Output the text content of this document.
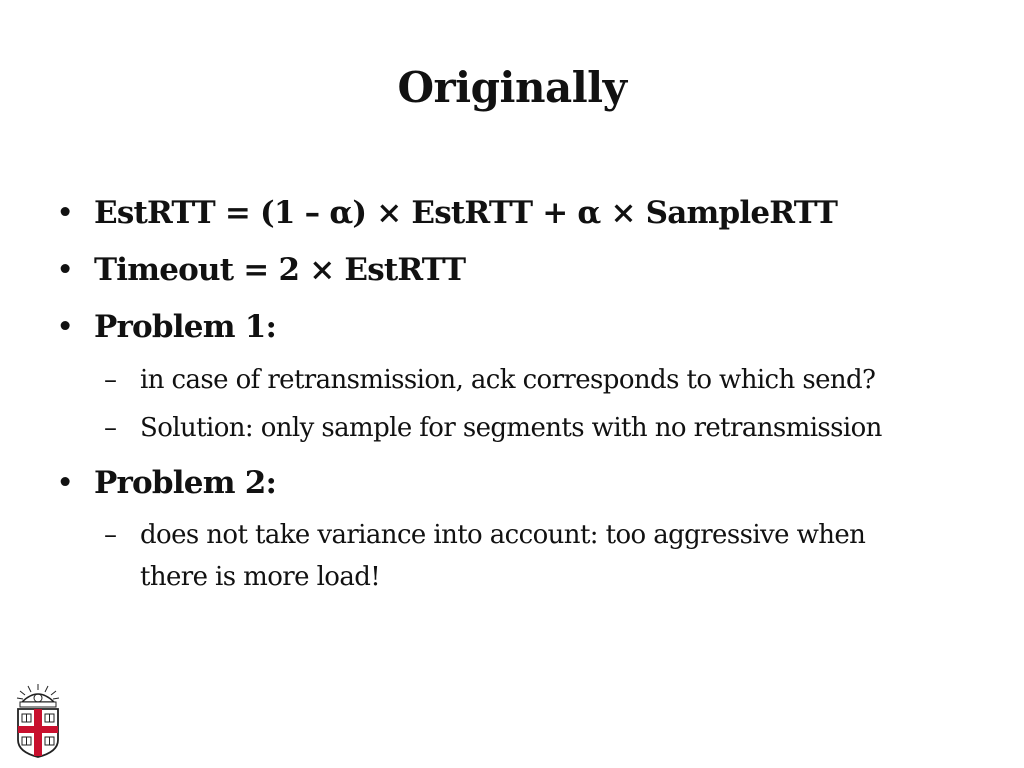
Originally
• EstRTT = (1 – α) × EstRTT + α × SampleRTT
• Timeout = 2 × EstRTT
• Problem 1:
– in case of retransmission, ack corresponds to which send?
– Solution: only sample for segments with no retransmission
• Problem 2:
– does not take variance into account: too aggressive when
there is more load!
